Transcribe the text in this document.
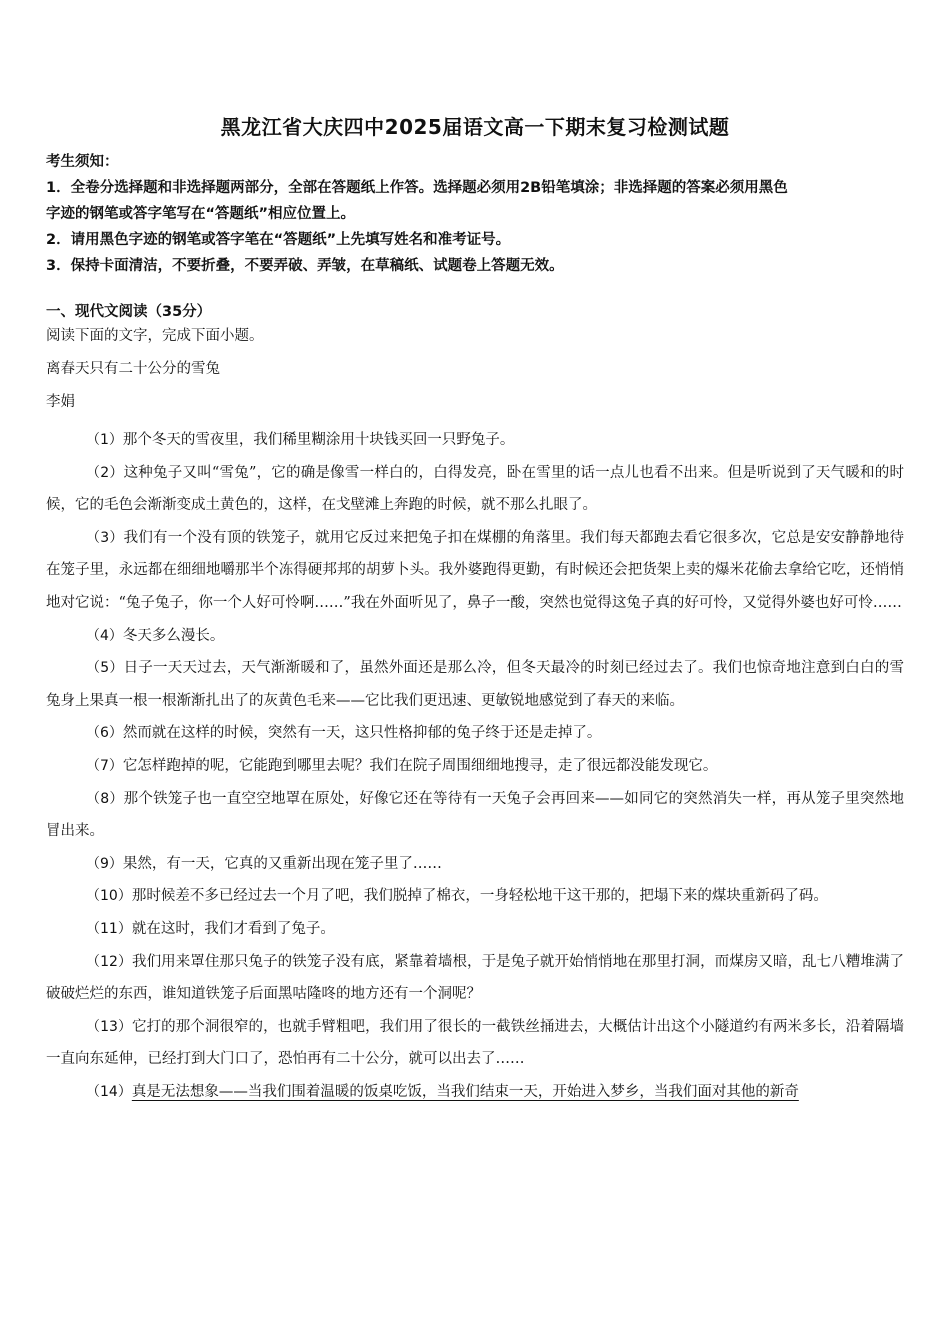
黑龙江省大庆四中2025届语文高一下期末复习检测试题
考生须知：
1．全卷分选择题和非选择题两部分，全部在答题纸上作答。选择题必须用2B铅笔填涂；非选择题的答案必须用黑色
字迹的钢笔或答字笔写在“答题纸”相应位置上。
2．请用黑色字迹的钢笔或答字笔在“答题纸”上先填写姓名和准考证号。
3．保持卡面清洁，不要折叠，不要弄破、弄皱，在草稿纸、试题卷上答题无效。
一、现代文阅读（35分）
阅读下面的文字，完成下面小题。
离春天只有二十公分的雪兔
李娟

（1）那个冬天的雪夜里，我们稀里糊涂用十块钱买回一只野兔子。

（2）这种兔子又叫“雪兔”，它的确是像雪一样白的，白得发亮，卧在雪里的话一点儿也看不出来。但是听说到了天气暖和的时候，它的毛色会渐渐变成土黄色的，这样，在戈壁滩上奔跑的时候，就不那么扎眼了。

（3）我们有一个没有顶的铁笼子，就用它反过来把兔子扣在煤棚的角落里。我们每天都跑去看它很多次，它总是安安静静地待在笼子里，永远都在细细地嚼那半个冻得硬邦邦的胡萝卜头。我外婆跑得更勤，有时候还会把货架上卖的爆米花偷去拿给它吃，还悄悄地对它说：“兔子兔子，你一个人好可怜啊……”我在外面听见了，鼻子一酸，突然也觉得这兔子真的好可怜，又觉得外婆也好可怜……

（4）冬天多么漫长。

（5）日子一天天过去，天气渐渐暖和了，虽然外面还是那么冷，但冬天最冷的时刻已经过去了。我们也惊奇地注意到白白的雪兔身上果真一根一根渐渐扎出了的灰黄色毛来——它比我们更迅速、更敏锐地感觉到了春天的来临。

（6）然而就在这样的时候，突然有一天，这只性格抑郁的兔子终于还是走掉了。

（7）它怎样跑掉的呢，它能跑到哪里去呢？我们在院子周围细细地搜寻，走了很远都没能发现它。

（8）那个铁笼子也一直空空地罩在原处，好像它还在等待有一天兔子会再回来——如同它的突然消失一样，再从笼子里突然地冒出来。

（9）果然，有一天，它真的又重新出现在笼子里了……

（10）那时候差不多已经过去一个月了吧，我们脱掉了棉衣，一身轻松地干这干那的，把塌下来的煤块重新码了码。

（11）就在这时，我们才看到了兔子。

（12）我们用来罩住那只兔子的铁笼子没有底，紧靠着墙根，于是兔子就开始悄悄地在那里打洞，而煤房又暗，乱七八糟堆满了破破烂烂的东西，谁知道铁笼子后面黑咕隆咚的地方还有一个洞呢？

（13）它打的那个洞很窄的，也就手臂粗吧，我们用了很长的一截铁丝捅进去，大概估计出这个小隧道约有两米多长，沿着隔墙一直向东延伸，已经打到大门口了，恐怕再有二十公分，就可以出去了……

（14）真是无法想象——当我们围着温暖的饭桌吃饭，当我们结束一天，开始进入梦乡，当我们面对其他的新奇
